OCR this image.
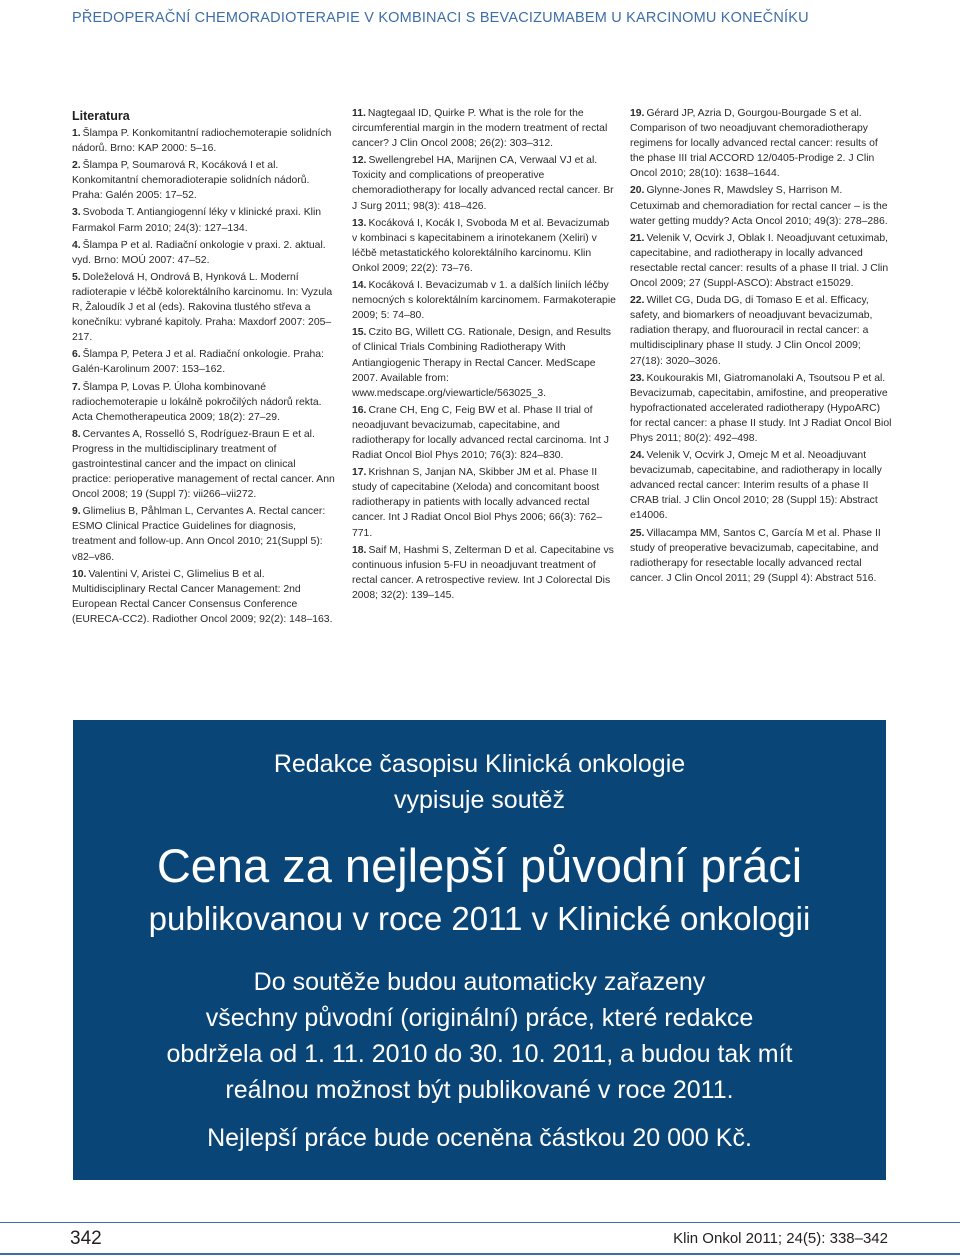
PŘEDOPERAČNÍ CHEMORADIOTERAPIE V KOMBINACI S BEVACIZUMABEM U KARCINOMU KONEČNÍKU
Literatura
1. Šlampa P. Konkomitantní radiochemoterapie solidních nádorů. Brno: KAP 2000: 5–16.
2. Šlampa P, Soumarová R, Kocáková I et al. Konkomitantní chemoradioterapie solidních nádorů. Praha: Galén 2005: 17–52.
3. Svoboda T. Antiangiogenní léky v klinické praxi. Klin Farmakol Farm 2010; 24(3): 127–134.
4. Šlampa P et al. Radiační onkologie v praxi. 2. aktual. vyd. Brno: MOÚ 2007: 47–52.
5. Doleželová H, Ondrová B, Hynková L. Moderní radioterapie v léčbě kolorektálního karcinomu. In: Vyzula R, Žaloudík J et al (eds). Rakovina tlustého střeva a konečníku: vybrané kapitoly. Praha: Maxdorf 2007: 205–217.
6. Šlampa P, Petera J et al. Radiační onkologie. Praha: Galén-Karolinum 2007: 153–162.
7. Šlampa P, Lovas P. Úloha kombinované radiochemoterapie u lokálně pokročilých nádorů rekta. Acta Chemotherapeutica 2009; 18(2): 27–29.
8. Cervantes A, Rosselló S, Rodríguez-Braun E et al. Progress in the multidisciplinary treatment of gastrointestinal cancer and the impact on clinical practice: perioperative management of rectal cancer. Ann Oncol 2008; 19 (Suppl 7): vii266–vii272.
9. Glimelius B, Påhlman L, Cervantes A. Rectal cancer: ESMO Clinical Practice Guidelines for diagnosis, treatment and follow-up. Ann Oncol 2010; 21(Suppl 5): v82–v86.
10. Valentini V, Aristei C, Glimelius B et al. Multidisciplinary Rectal Cancer Management: 2nd European Rectal Cancer Consensus Conference (EURECA-CC2). Radiother Oncol 2009; 92(2): 148–163.
11. Nagtegaal ID, Quirke P. What is the role for the circumferential margin in the modern treatment of rectal cancer? J Clin Oncol 2008; 26(2): 303–312.
12. Swellengrebel HA, Marijnen CA, Verwaal VJ et al. Toxicity and complications of preoperative chemoradiotherapy for locally advanced rectal cancer. Br J Surg 2011; 98(3): 418–426.
13. Kocáková I, Kocák I, Svoboda M et al. Bevacizumab v kombinaci s kapecitabinem a irinotekanem (Xeliri) v léčbě metastatického kolorektálního karcinomu. Klin Onkol 2009; 22(2): 73–76.
14. Kocáková I. Bevacizumab v 1. a dalších liniích léčby nemocných s kolorektálním karcinomem. Farmakoterapie 2009; 5: 74–80.
15. Czito BG, Willett CG. Rationale, Design, and Results of Clinical Trials Combining Radiotherapy With Antiangiogenic Therapy in Rectal Cancer. MedScape 2007. Available from: www.medscape.org/viewarticle/563025_3.
16. Crane CH, Eng C, Feig BW et al. Phase II trial of neoadjuvant bevacizumab, capecitabine, and radiotherapy for locally advanced rectal carcinoma. Int J Radiat Oncol Biol Phys 2010; 76(3): 824–830.
17. Krishnan S, Janjan NA, Skibber JM et al. Phase II study of capecitabine (Xeloda) and concomitant boost radiotherapy in patients with locally advanced rectal cancer. Int J Radiat Oncol Biol Phys 2006; 66(3): 762–771.
18. Saif M, Hashmi S, Zelterman D et al. Capecitabine vs continuous infusion 5-FU in neoadjuvant treatment of rectal cancer. A retrospective review. Int J Colorectal Dis 2008; 32(2): 139–145.
19. Gérard JP, Azria D, Gourgou-Bourgade S et al. Comparison of two neoadjuvant chemoradiotherapy regimens for locally advanced rectal cancer: results of the phase III trial ACCORD 12/0405-Prodige 2. J Clin Oncol 2010; 28(10): 1638–1644.
20. Glynne-Jones R, Mawdsley S, Harrison M. Cetuximab and chemoradiation for rectal cancer – is the water getting muddy? Acta Oncol 2010; 49(3): 278–286.
21. Velenik V, Ocvirk J, Oblak I. Neoadjuvant cetuximab, capecitabine, and radiotherapy in locally advanced resectable rectal cancer: results of a phase II trial. J Clin Oncol 2009; 27 (Suppl-ASCO): Abstract e15029.
22. Willet CG, Duda DG, di Tomaso E et al. Efficacy, safety, and biomarkers of neoadjuvant bevacizumab, radiation therapy, and fluorouracil in rectal cancer: a multidisciplinary phase II study. J Clin Oncol 2009; 27(18): 3020–3026.
23. Koukourakis MI, Giatromanolaki A, Tsoutsou P et al. Bevacizumab, capecitabin, amifostine, and preoperative hypofractionated accelerated radiotherapy (HypoARC) for rectal cancer: a phase II study. Int J Radiat Oncol Biol Phys 2011; 80(2): 492–498.
24. Velenik V, Ocvirk J, Omejc M et al. Neoadjuvant bevacizumab, capecitabine, and radiotherapy in locally advanced rectal cancer: Interim results of a phase II CRAB trial. J Clin Oncol 2010; 28 (Suppl 15): Abstract e14006.
25. Villacampa MM, Santos C, García M et al. Phase II study of preoperative bevacizumab, capecitabine, and radiotherapy for resectable locally advanced rectal cancer. J Clin Oncol 2011; 29 (Suppl 4): Abstract 516.
Redakce časopisu Klinická onkologie
vypisuje soutěž
Cena za nejlepší původní práci
publikovanou v roce 2011 v Klinické onkologii
Do soutěže budou automaticky zařazeny
všechny původní (originální) práce, které redakce
obdržela od 1. 11. 2010 do 30. 10. 2011, a budou tak mít
reálnou možnost být publikované v roce 2011.
Nejlepší práce bude oceněna částkou 20 000 Kč.
342	Klin Onkol 2011; 24(5): 338–342
